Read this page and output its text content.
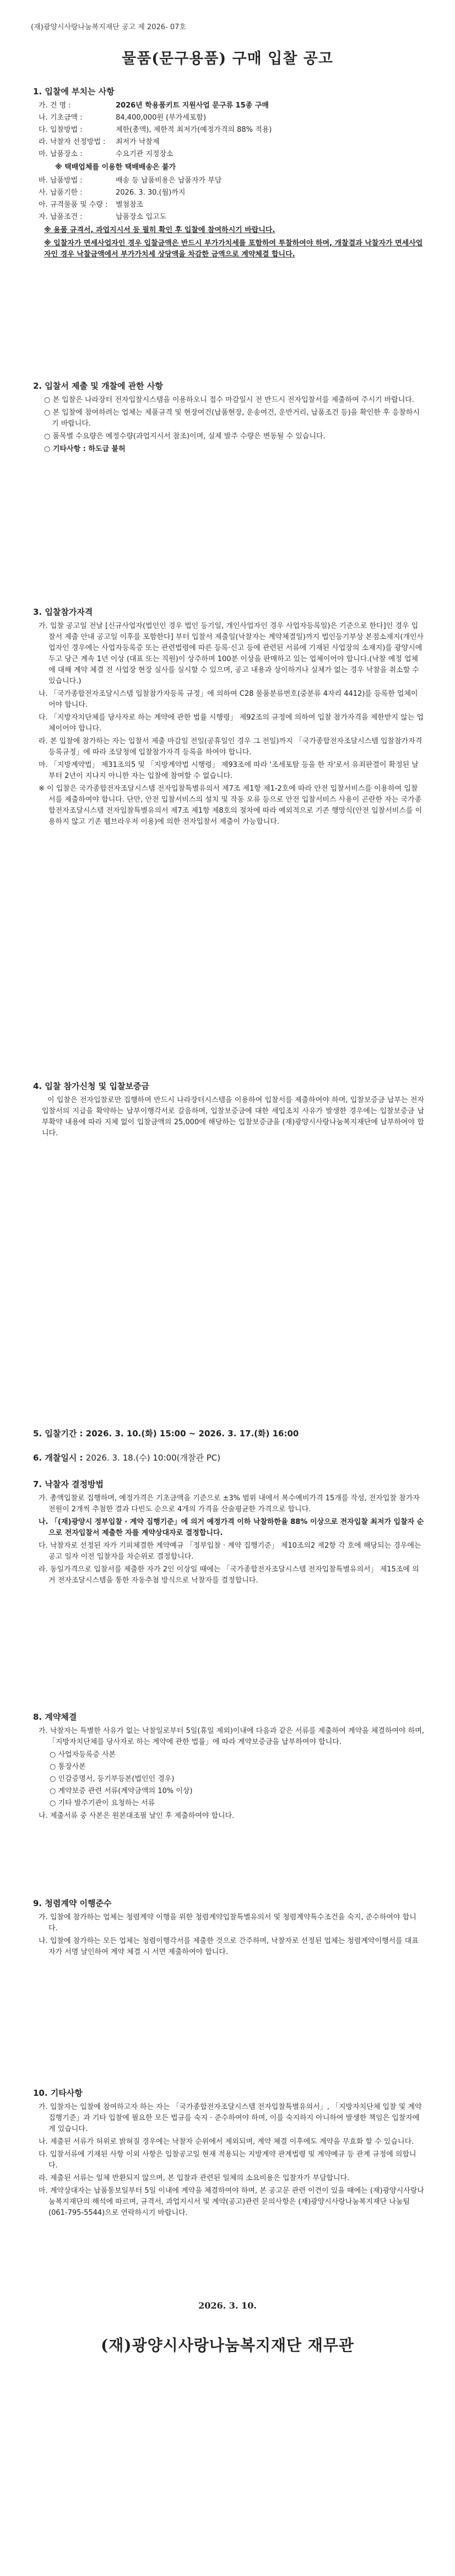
(재)광양시사랑나눔복지재단 공고 제 2026- 07호
물품(문구용품) 구매 입찰 공고
1. 입찰에 부치는 사항
가. 건 명 :	2026년 학용품키트 지원사업 문구류 15종 구매
나. 기초금액 :	84,400,000원 (부가세포함)
다. 입찰방법 :	제한(총액), 제한적 최저가(예정가격의 88% 적용)
라. 낙찰자 선정방법 :	최저가 낙찰제
마. 납품장소 :	수요기관 지정장소
※ 택배업체를 이용한 택배배송은 불가
바. 납품방법 :	배송 등 납품비용은 납품자가 부담
사. 납품기한 :	2026. 3. 30.(월)까지
아. 규격물품 및 수량 :	별첨참조
자. 납품조건 :	납품장소 입고도
※ 용품 규격서, 과업지시서 등 필히 확인 후 입찰에 참여하시기 바랍니다.
※ 입찰자가 면세사업자인 경우 입찰금액은 반드시 부가가치세를 포함하여 투찰하여야 하며, 개찰결과 낙찰자가 면세사업자인 경우 낙찰금액에서 부가가치세 상당액을 차감한 금액으로 계약체결 합니다.
2. 입찰서 제출 및 개찰에 관한 사항
○ 본 입찰은 나라장터 전자입찰시스템을 이용하오니 접수 마감일시 전 반드시 전자입찰서를 제출하여 주시기 바랍니다.
○ 본 입찰에 참여하려는 업체는 제품규격 및 현장여건(납품현장, 운송여건, 운반거리, 납품조건 등)을 확인한 후 응찰하시기 바랍니다.
○ 품목별 수요량은 예정수량(과업지시서 참조)이며, 실제 발주 수량은 변동될 수 있습니다.
○ 기타사항 : 하도급 불허
3. 입찰참가자격
가. 입찰 공고일 전날 [신규사업자(법인인 경우 법인 등기일, 개인사업자인 경우 사업자등록일)은 기준으로 한다]인 경우 입찰서 제출 안내 공고일 이후를 포함한다] 부터 입찰서 제출일(낙찰자는 계약체결일)까지 법인등기부상 본점소재지(개인사업자인 경우에는 사업자등록증 또는 관련법령에 따른 등록·신고 등에 관련된 서류에 기재된 사업장의 소재지)를 광양시에 두고 당근 계속 1년 이상 (대표 또는 직원)이 상주하며 100분 이상을 판매하고 있는 업체이어야 합니다.(낙찰 예정 업체에 대해 계약 체결 전 사업장 현장 실사를 실시할 수 있으며, 공고 내용과 상이하거나 실체가 없는 경우 낙찰을 취소할 수 있습니다.)
나. 「국가종합전자조달시스템 입찰참가자등록 규정」에 의하여 C28 물품분류번호(중분류 4자리 4412)를 등록한 업체이어야 합니다.
다. 「지방자치단체를 당사자로 하는 계약에 관한 법률 시행령」 제92조의 규정에 의하여 입찰 참가자격을 제한받지 않는 업체이어야 합니다.
라. 본 입찰에 참가하는 자는 입찰서 제출 마감일 전일(공휴일인 경우 그 전일)까지 「국가종합전자조달시스템 입찰참가자격 등록규정」에 따라 조달청에 입찰참가자격 등록을 하여야 합니다.
마. 「지방계약법」 제31조의5 및 「지방계약법 시행령」 제93조에 따라 '조세포탈 등을 한 자'로서 유죄판결이 확정된 날부터 2년이 지나지 아니한 자는 입찰에 참여할 수 없습니다.
※ 이 입찰은 국가종합전자조달시스템 전자입찰특별유의서 제7조 제1항 제1-2호에 따라 안전 입찰서비스를 이용하여 입찰서를 제출하여야 합니다. 단만, 안전 입찰서비스의 설치 및 작동 오류 등으로 안전 입찰서비스 사용이 곤란한 자는 국가종합전자조달시스템 전자입찰특별유의서 제7조 제1항 제8호의 절차에 따라 예외적으로 기존 행망식(안전 입찰서비스를 이용하지 않고 기존 웹브라우저 이용)에 의한 전자입찰서 제출이 가능합니다.
4. 입찰 참가신청 및 입찰보증금
이 입찰은 전자입찰로만 집행하며 반드시 나라장터시스템을 이용하여 입찰서를 제출하여야 하며, 입찰보증금 납부는 전자입찰서의 지급을 확약하는 납부이행각서로 갈음하며, 입찰보증금에 대한 세입조치 사유가 발생한 경우에는 입찰보증금 납부확약 내용에 따라 지체 없이 입찰금액의 25,000에 해당하는 입찰보증금을 (재)광양시사랑나눔복지재단에 납부하여야 합니다.
5. 입찰기간 : 2026. 3. 10.(화) 15:00 ~ 2026. 3. 17.(화) 16:00
6. 개찰일시 : 2026. 3. 18.(수) 10:00(개찰관 PC)
7. 낙찰자 결정방법
가. 총액입찰로 집행하며, 예정가격은 기초금액을 기준으로 ±3% 범위 내에서 복수예비가격 15개를 작성, 전자입찰 참가자 전원이 2개씩 추첨한 결과 다빈도 순으로 4개의 가격을 산술평균한 가격으로 합니다.
나. 「(재)광양시 정부입찰 · 계약 집행기준」에 의거 예정가격 이하 낙찰하한율 88% 이상으로 전자입찰 최저가 입찰자 순으로 전자입찰서 제출한 자를 계약상대자로 결정합니다.
다. 낙찰자로 선정된 자가 기피체결한 계약예규 「정부입찰 · 계약 집행기준」 제10조의2 제2항 각 호에 해당되는 경우에는 공고 일자 이전 입찰자를 차순위로 결정합니다.
라. 동일가격으로 입찰서를 제출한 자가 2인 이상일 때에는 「국가종합전자조달시스템 전자입찰특별유의서」 제15조에 의거 전자조달시스템을 통한 자동추첨 방식으로 낙찰자를 결정합니다.
8. 계약체결
가. 낙찰자는 특별한 사유가 없는 낙찰일로부터 5일(휴일 제외)이내에 다음과 같은 서류를 제출하여 계약을 체결하여야 하며, 「지방자치단체를 당사자로 하는 계약에 관한 법률」에 따라 계약보증금을 납부하여야 합니다.
○ 사업자등록증 사본
○ 통장사본
○ 인감증명서, 등기부등본(법인인 경우)
○ 계약보증 관련 서류(계약금액의 10% 이상)
○ 기타 발주기관이 요청하는 서류
나. 제출서류 중 사본은 원본대조필 날인 후 제출하여야 합니다.
9. 청렴계약 이행준수
가. 입찰에 참가하는 업체는 청렴계약 이행을 위한 청렴계약입찰특별유의서 및 청렴계약특수조건을 숙지, 준수하여야 합니다.
나. 입찰에 참가하는 모든 업체는 청렴이행각서를 제출한 것으로 간주하며, 낙찰자로 선정된 업체는 청렴계약이행서를 대표자가 서명 날인하여 계약 체결 시 서면 제출하여야 합니다.
10. 기타사항
가. 입찰자는 입찰에 참여하고자 하는 자는 「국가종합전자조달시스템 전자입찰특별유의서」, 「지방자치단체 입찰 및 계약집행기준」과 기타 입찰에 필요한 모든 법규를 숙지 · 준수하여야 하며, 이를 숙지하지 아니하여 발생한 책임은 입찰자에게 있습니다.
나. 제출된 서류가 허위로 밝혀질 경우에는 낙찰자 순위에서 제외되며, 계약 체결 이후에도 계약을 무효화 할 수 있습니다.
다. 입찰서류에 기재된 사항 이외 사항은 입찰공고일 현재 적용되는 지방계약 관계법령 및 계약예규 등 관계 규정에 의합니다.
라. 제출된 서류는 일체 반환되지 않으며, 본 입찰과 관련된 일체의 소요비용은 입찰자가 부담합니다.
마. 계약상대자는 납품통보일부터 5일 이내에 계약을 체결하여야 하며, 본 공고문 관련 이견이 있을 때에는 (재)광양시사랑나눔복지재단의 해석에 따르며, 규격서, 과업지시서 및 계약(공고)관련 문의사항은 (재)광양시사랑나눔복지재단 나눔팀(061-795-5544)으로 연락하시기 바랍니다.
2026. 3. 10.
(재)광양시사랑나눔복지재단 재무관
